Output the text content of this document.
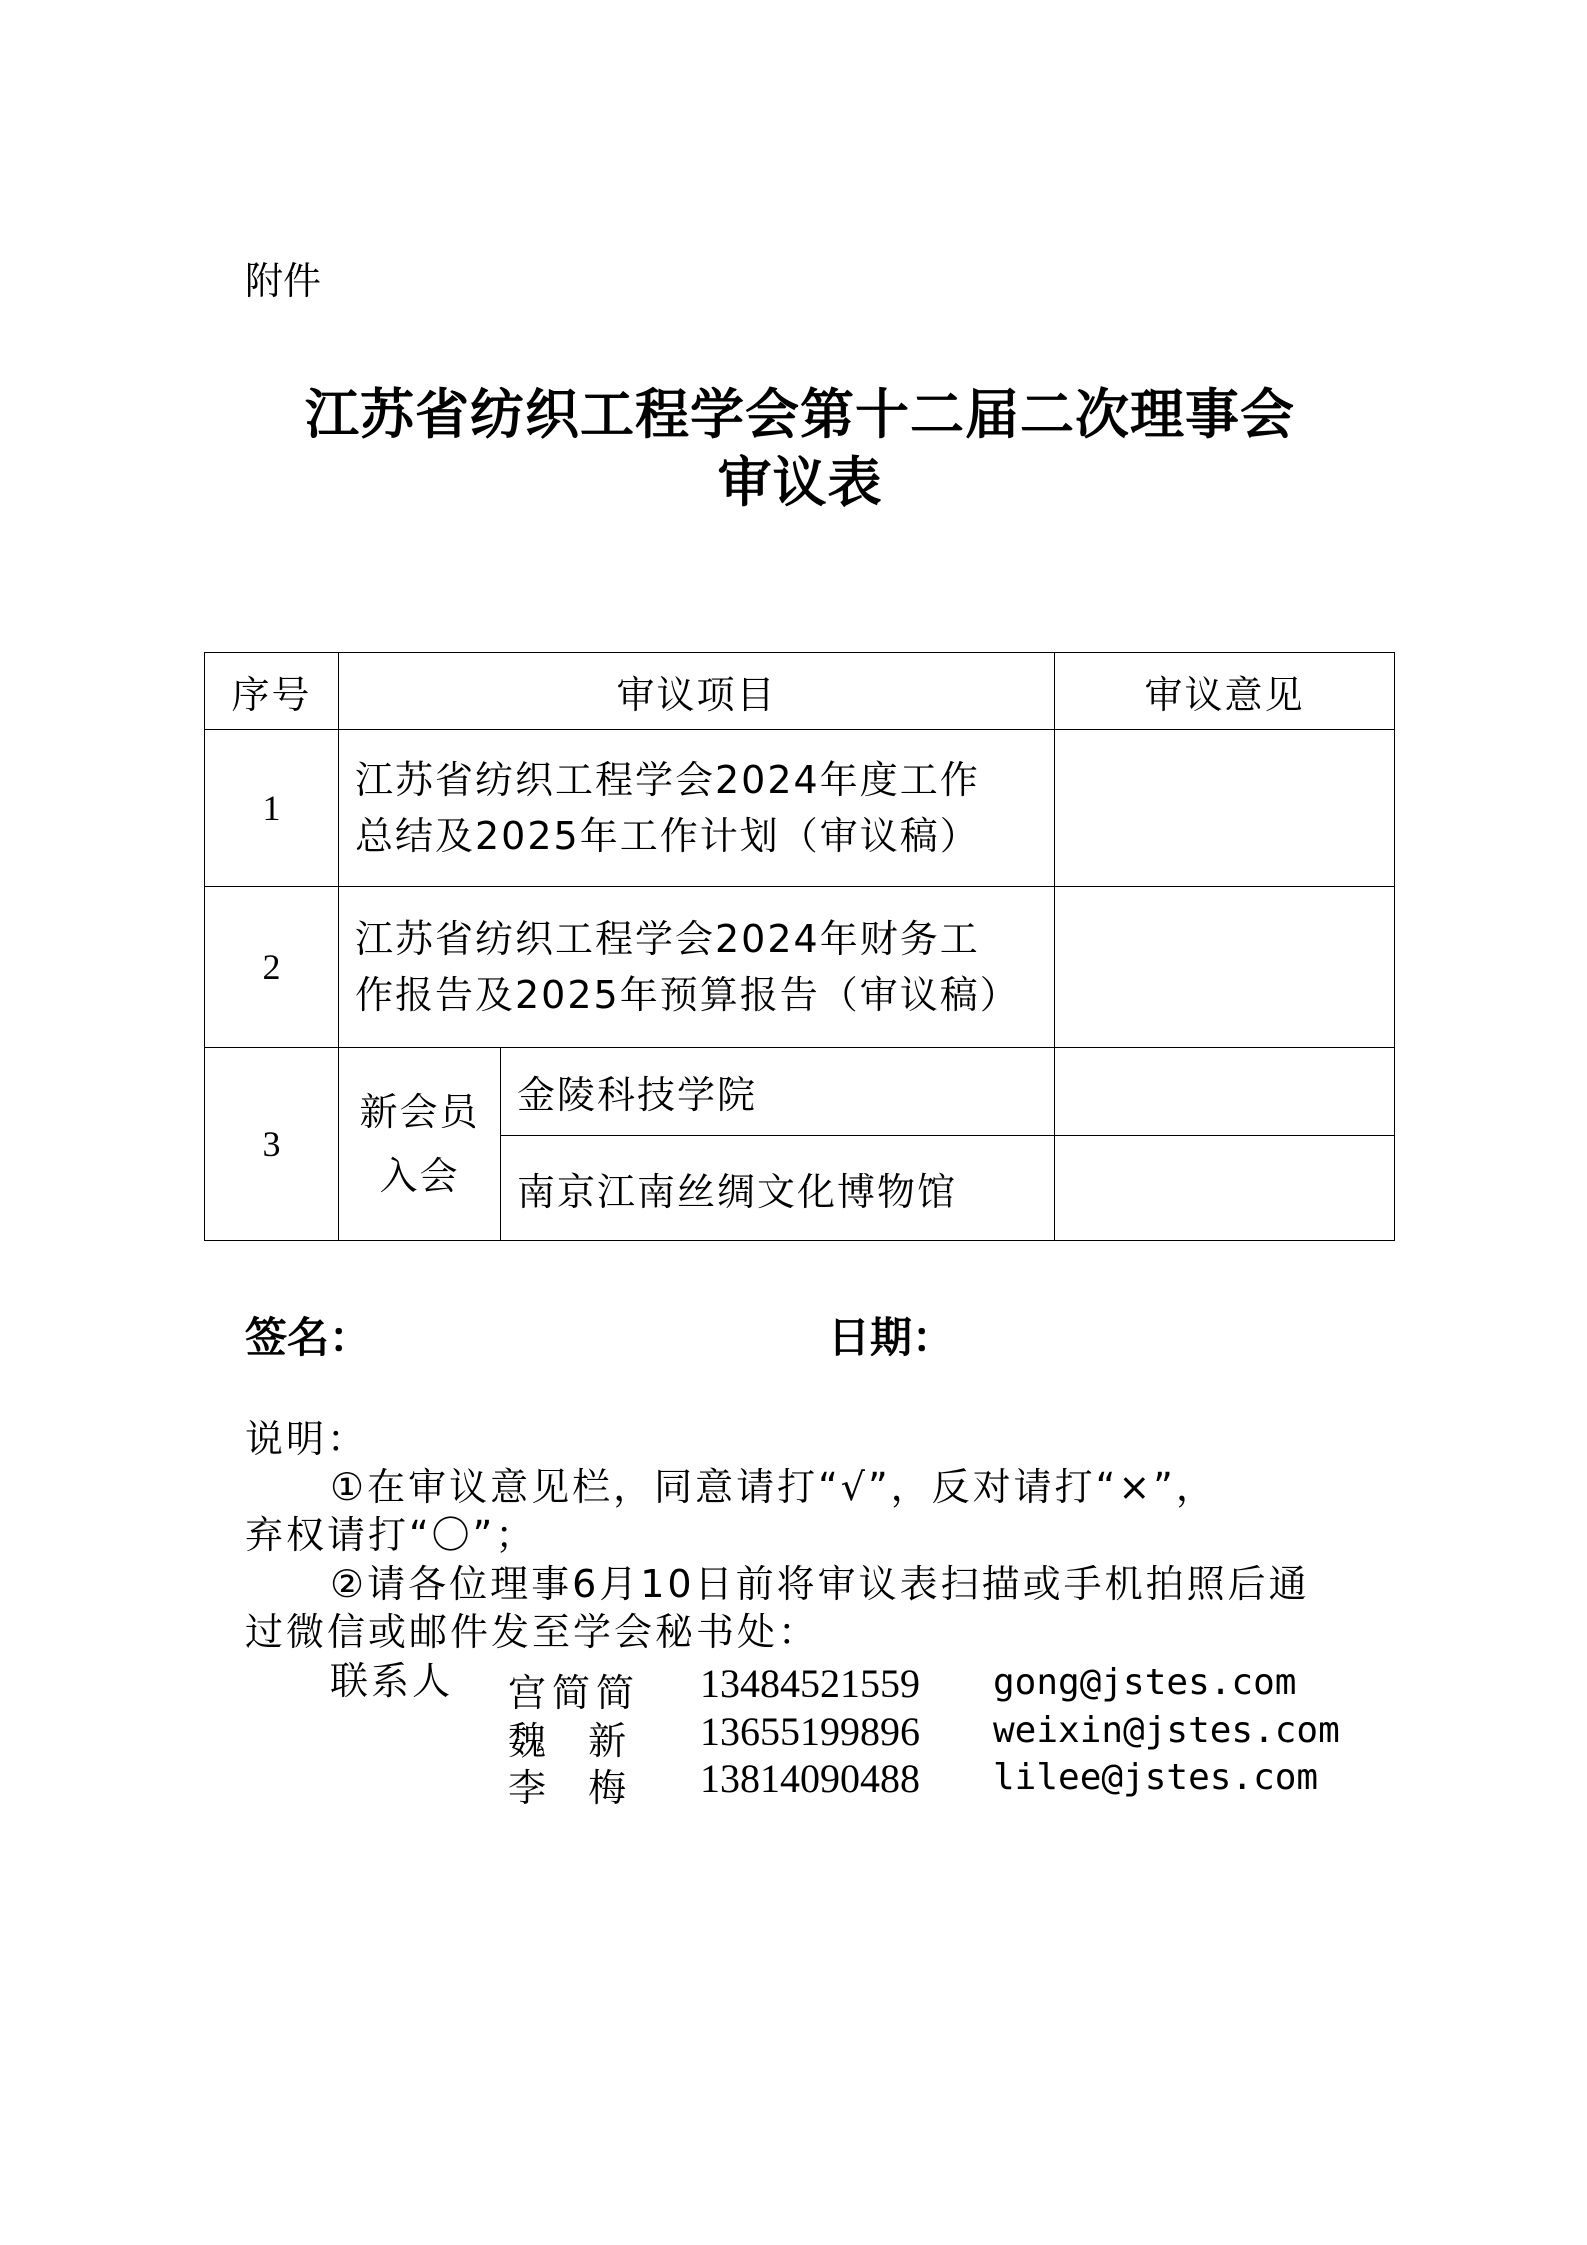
附件
江苏省纺织工程学会第十二届二次理事会
审议表
序号	审议项目		审议意见
1	江苏省纺织工程学会2024年度工作
总结及2025年工作计划（审议稿）		

2	江苏省纺织工程学会2024年财务工
作报告及2025年预算报告（审议稿）		

3	新会员
入会	金陵科技学院	
		南京江南丝绸文化博物馆	
签名：	日期：
说明：
①在审议意见栏，同意请打“√”，反对请打“×”，
弃权请打“〇”；
②请各位理事6月10日前将审议表扫描或手机拍照后通
过微信或邮件发至学会秘书处：
联系人 宫简简 13484521559 gong@jstes.com
魏  新 13655199896 weixin@jstes.com
李  梅 13814090488 lilee@jstes.com
